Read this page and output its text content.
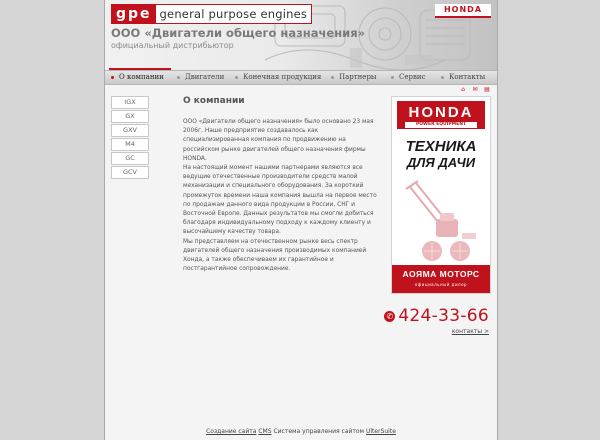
gpe general purpose engines	HONDA
ООО «Двигатели общего назначения»
официальный дистрибьютор
О компании	Двигатели	Конечная продукция	Партнеры	Сервис	Контакты
⌂	✉ ▤
IGX
GX
GXV
M4
GC
GCV
О компании

ООО «Двигатели общего назначения» было основано 23 мая 2006г. Наше предприятие создавалось как специализированная компания по продвижению на российском рынке двигателей общего назначения фирмы HONDA.

На настоящий момент нашими партнерами являются все ведущие отечественные производители средств малой механизации и специального оборудования. За короткий промежуток времени наша компания вышла на первое место по продажам данного вида продукции в России, СНГ и Восточной Европе. Данных результатов мы смогли добиться благодаря индивидуальному подходу к каждому клиенту и высочайшему качеству товара.

Мы представляем на отечественном рынке весь спектр двигателей общего назначения производимых компанией Хонда, а также обеспечиваем их гарантийное и постгарантийное сопровождение.

HONDA
POWER EQUIPMENT
ТЕХНИКА
ДЛЯ ДАЧИ
АОЯМА МОТОРС
официальный дилер
✆ 424-33-66
контакты >
Создание сайта CMS Система управления сайтом UlterSuite
